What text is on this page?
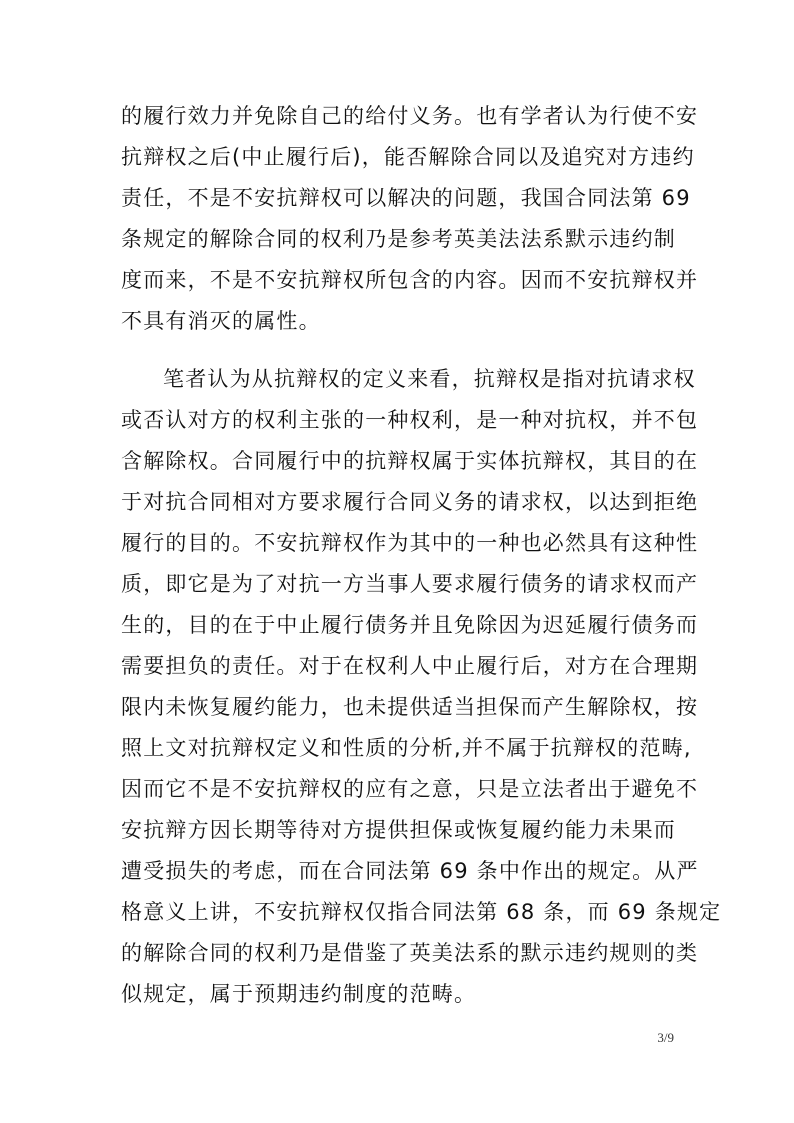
的履行效力并免除自己的给付义务。也有学者认为行使不安
抗辩权之后(中止履行后)，能否解除合同以及追究对方违约
责任，不是不安抗辩权可以解决的问题，我国合同法第 69
条规定的解除合同的权利乃是参考英美法法系默示违约制
度而来，不是不安抗辩权所包含的内容。因而不安抗辩权并
不具有消灭的属性。
笔者认为从抗辩权的定义来看，抗辩权是指对抗请求权
或否认对方的权利主张的一种权利，是一种对抗权，并不包
含解除权。合同履行中的抗辩权属于实体抗辩权，其目的在
于对抗合同相对方要求履行合同义务的请求权，以达到拒绝
履行的目的。不安抗辩权作为其中的一种也必然具有这种性
质，即它是为了对抗一方当事人要求履行债务的请求权而产
生的，目的在于中止履行债务并且免除因为迟延履行债务而
需要担负的责任。对于在权利人中止履行后，对方在合理期
限内未恢复履约能力，也未提供适当担保而产生解除权，按
照上文对抗辩权定义和性质的分析,并不属于抗辩权的范畴,
因而它不是不安抗辩权的应有之意，只是立法者出于避免不
安抗辩方因长期等待对方提供担保或恢复履约能力未果而
遭受损失的考虑，而在合同法第 69 条中作出的规定。从严
格意义上讲，不安抗辩权仅指合同法第 68 条，而 69 条规定
的解除合同的权利乃是借鉴了英美法系的默示违约规则的类
似规定，属于预期违约制度的范畴。
3/9
